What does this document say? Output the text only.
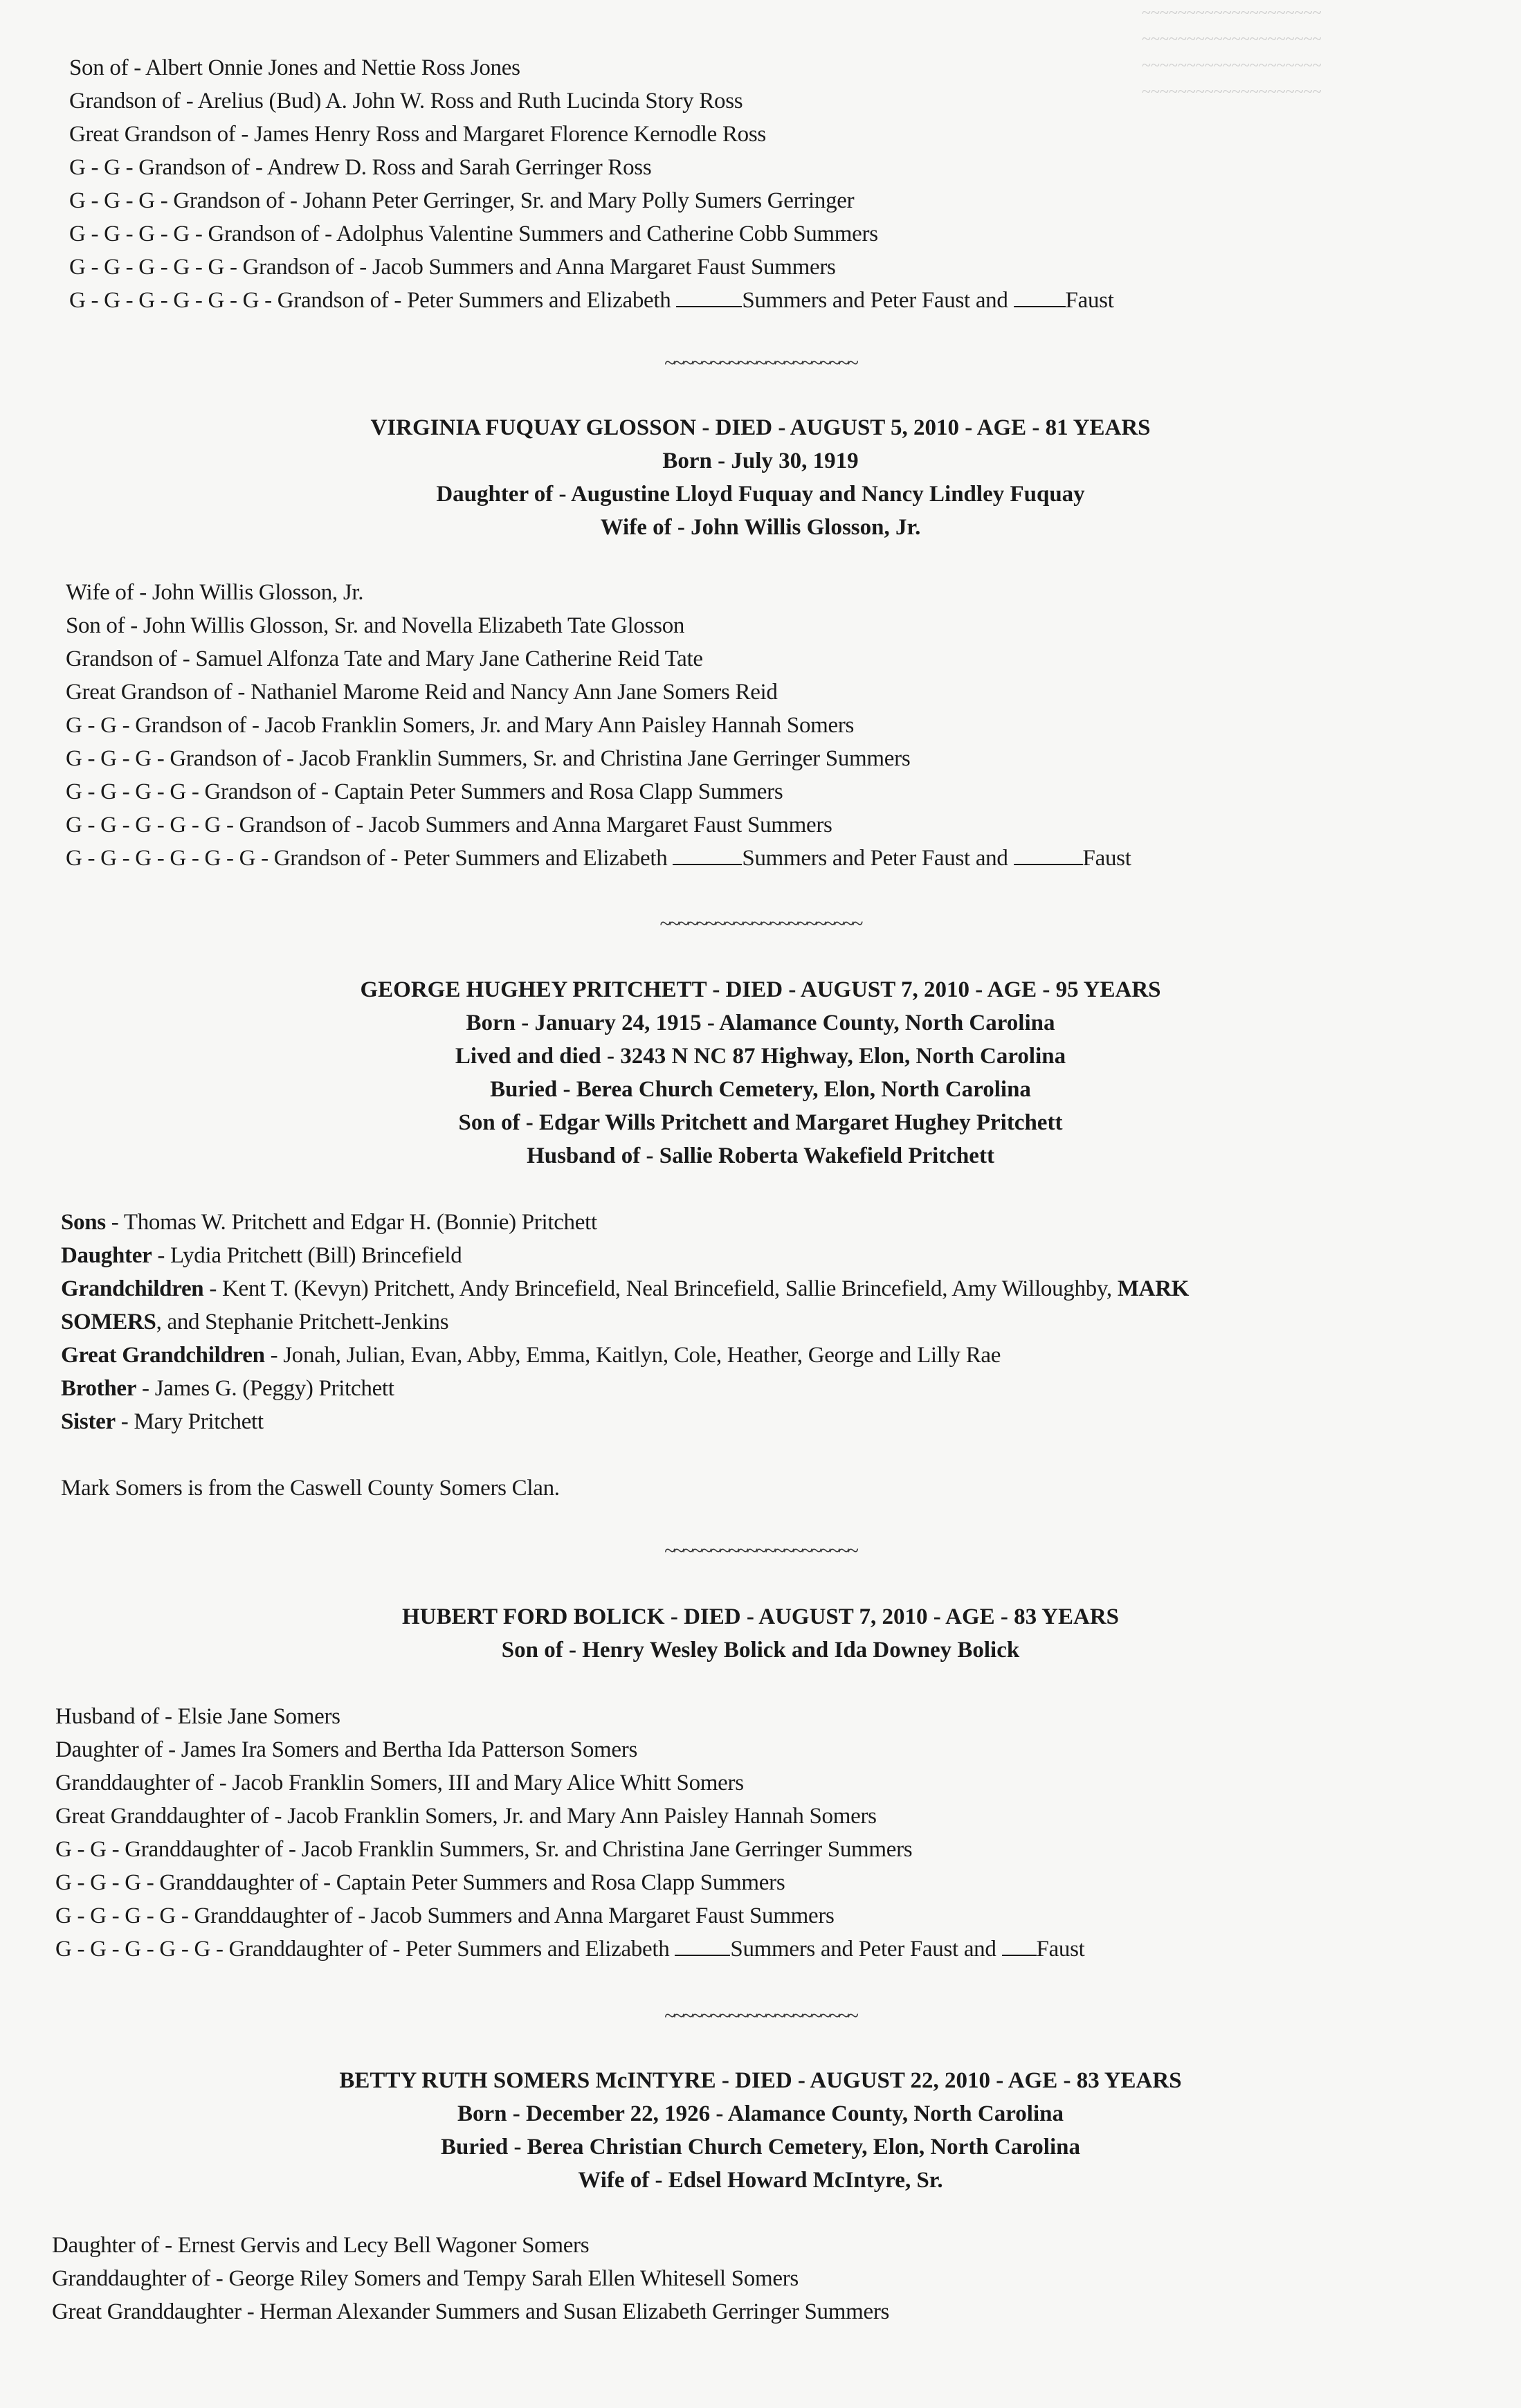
~~~~~~~~~~~~~~~~~~~~
~~~~~~~~~~~~~~~~~~~~
~~~~~~~~~~~~~~~~~~~~
~~~~~~~~~~~~~~~~~~~~
Son of - Albert Onnie Jones and Nettie Ross Jones
Grandson of - Arelius (Bud) A. John W. Ross and Ruth Lucinda Story Ross
Great Grandson of - James Henry Ross and Margaret Florence Kernodle Ross
G - G - Grandson of - Andrew D. Ross and Sarah Gerringer Ross
G - G - G - Grandson of - Johann Peter Gerringer, Sr. and Mary Polly Sumers Gerringer
G - G - G - G - Grandson of - Adolphus Valentine Summers and Catherine Cobb Summers
G - G - G - G - G - Grandson of - Jacob Summers and Anna Margaret Faust Summers
G - G - G - G - G - G - Grandson of - Peter Summers and Elizabeth	Summers and Peter Faust and	Faust
~~~~~~~~~~~~~~~~~~~~~
VIRGINIA FUQUAY GLOSSON - DIED - AUGUST 5, 2010 - AGE - 81 YEARS
Born - July 30, 1919
Daughter of - Augustine Lloyd Fuquay and Nancy Lindley Fuquay
Wife of - John Willis Glosson, Jr.
Wife of - John Willis Glosson, Jr.
Son of - John Willis Glosson, Sr. and Novella Elizabeth Tate Glosson
Grandson of - Samuel Alfonza Tate and Mary Jane Catherine Reid Tate
Great Grandson of - Nathaniel Marome Reid and Nancy Ann Jane Somers Reid
G - G - Grandson of - Jacob Franklin Somers, Jr. and Mary Ann Paisley Hannah Somers
G - G - G - Grandson of - Jacob Franklin Summers, Sr. and Christina Jane Gerringer Summers
G - G - G - G - Grandson of - Captain Peter Summers and Rosa Clapp Summers
G - G - G - G - G - Grandson of - Jacob Summers and Anna Margaret Faust Summers
G - G - G - G - G - G - Grandson of - Peter Summers and Elizabeth	Summers and Peter Faust and	Faust
~~~~~~~~~~~~~~~~~~~~~~
GEORGE HUGHEY PRITCHETT - DIED - AUGUST 7, 2010 - AGE - 95 YEARS
Born - January 24, 1915 - Alamance County, North Carolina
Lived and died - 3243 N NC 87 Highway, Elon, North Carolina
Buried - Berea Church Cemetery, Elon, North Carolina
Son of - Edgar Wills Pritchett and Margaret Hughey Pritchett
Husband of - Sallie Roberta Wakefield Pritchett
Sons - Thomas W. Pritchett and Edgar H. (Bonnie) Pritchett
Daughter - Lydia Pritchett (Bill) Brincefield
Grandchildren - Kent T. (Kevyn) Pritchett, Andy Brincefield, Neal Brincefield, Sallie Brincefield, Amy Willoughby, MARK
SOMERS, and Stephanie Pritchett-Jenkins
Great Grandchildren - Jonah, Julian, Evan, Abby, Emma, Kaitlyn, Cole, Heather, George and Lilly Rae
Brother - James G. (Peggy) Pritchett
Sister - Mary Pritchett
Mark Somers is from the Caswell County Somers Clan.
~~~~~~~~~~~~~~~~~~~~~
HUBERT FORD BOLICK - DIED - AUGUST 7, 2010 - AGE - 83 YEARS
Son of - Henry Wesley Bolick and Ida Downey Bolick
Husband of - Elsie Jane Somers
Daughter of - James Ira Somers and Bertha Ida Patterson Somers
Granddaughter of - Jacob Franklin Somers, III and Mary Alice Whitt Somers
Great Granddaughter of - Jacob Franklin Somers, Jr. and Mary Ann Paisley Hannah Somers
G - G - Granddaughter of - Jacob Franklin Summers, Sr. and Christina Jane Gerringer Summers
G - G - G - Granddaughter of - Captain Peter Summers and Rosa Clapp Summers
G - G - G - G - Granddaughter of - Jacob Summers and Anna Margaret Faust Summers
G - G - G - G - G - Granddaughter of - Peter Summers and Elizabeth	Summers and Peter Faust and Faust
~~~~~~~~~~~~~~~~~~~~~
BETTY RUTH SOMERS McINTYRE - DIED - AUGUST 22, 2010 - AGE - 83 YEARS
Born - December 22, 1926 - Alamance County, North Carolina
Buried - Berea Christian Church Cemetery, Elon, North Carolina
Wife of - Edsel Howard McIntyre, Sr.
Daughter of - Ernest Gervis and Lecy Bell Wagoner Somers
Granddaughter of - George Riley Somers and Tempy Sarah Ellen Whitesell Somers
Great Granddaughter - Herman Alexander Summers and Susan Elizabeth Gerringer Summers
